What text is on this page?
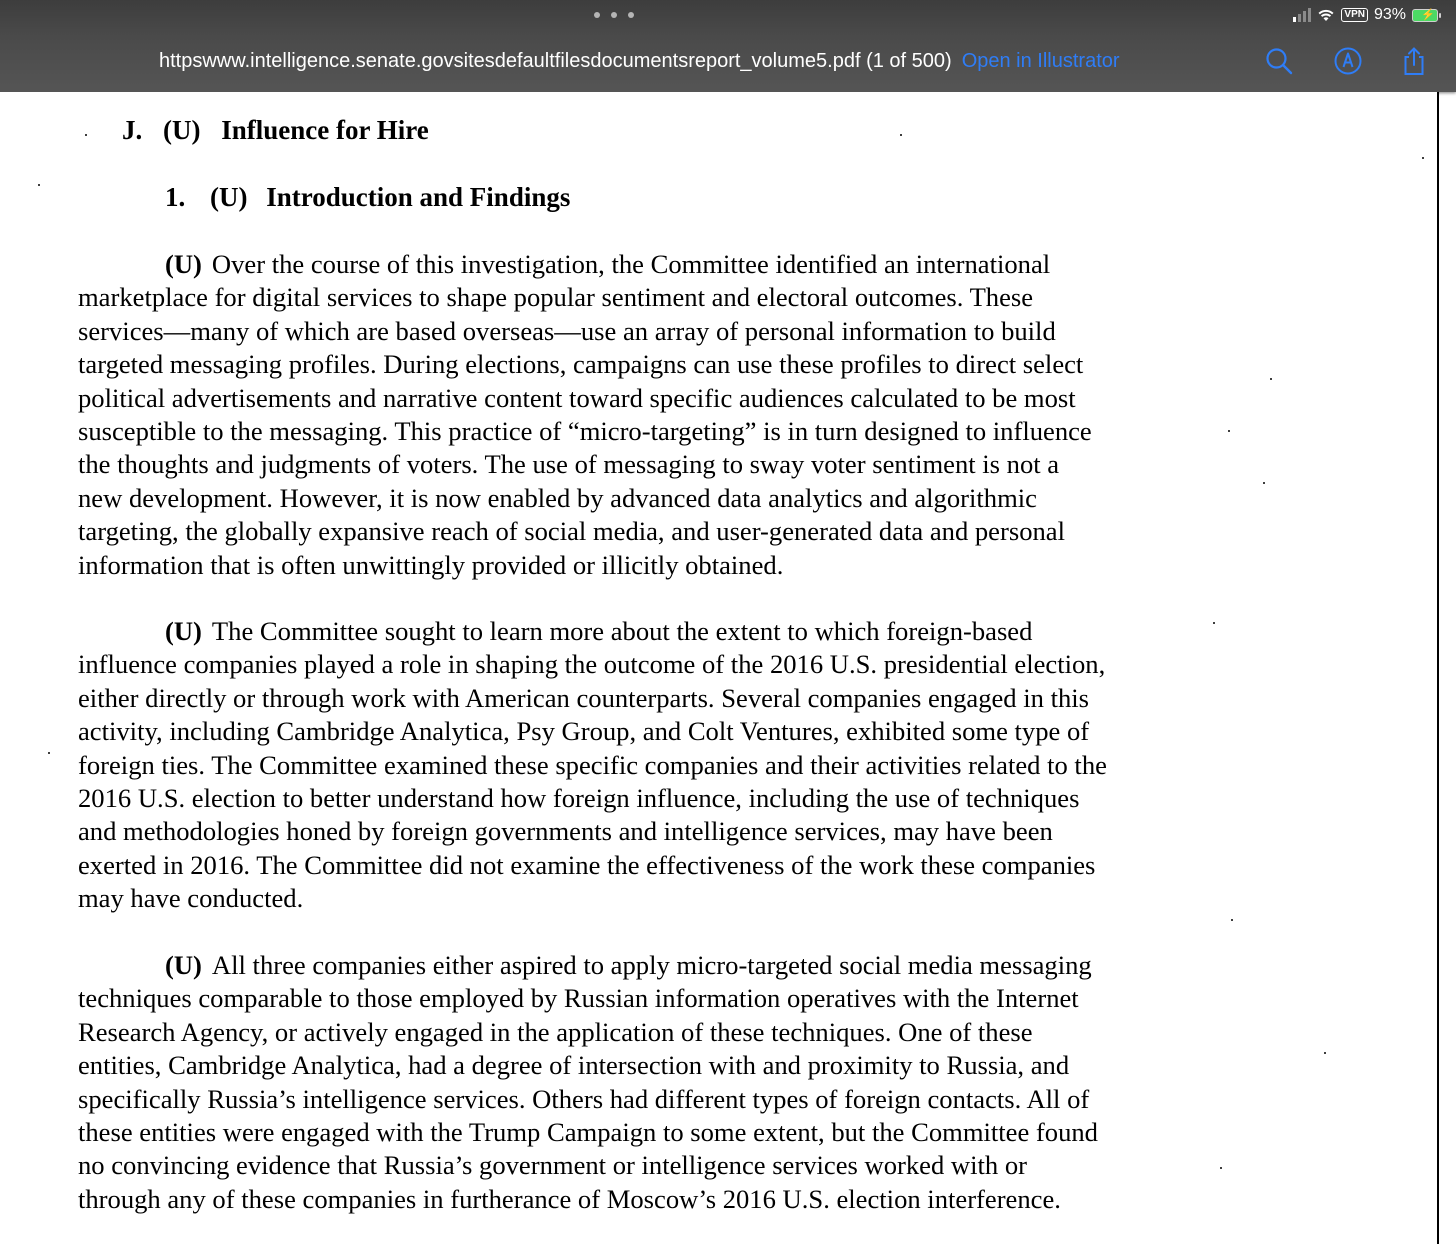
VPN 93% ⚡
httpswww.intelligence.senate.govsitesdefaultfilesdocumentsreport_volume5.pdf (1 of 500) Open in Illustrator
J. (U) Influence for Hire
1. (U) Introduction and Findings
(U) Over the course of this investigation, the Committee identified an international
marketplace for digital services to shape popular sentiment and electoral outcomes. These
services—many of which are based overseas—use an array of personal information to build
targeted messaging profiles. During elections, campaigns can use these profiles to direct select
political advertisements and narrative content toward specific audiences calculated to be most
susceptible to the messaging. This practice of “micro-targeting” is in turn designed to influence
the thoughts and judgments of voters. The use of messaging to sway voter sentiment is not a
new development. However, it is now enabled by advanced data analytics and algorithmic
targeting, the globally expansive reach of social media, and user-generated data and personal
information that is often unwittingly provided or illicitly obtained.
(U) The Committee sought to learn more about the extent to which foreign-based
influence companies played a role in shaping the outcome of the 2016 U.S. presidential election,
either directly or through work with American counterparts. Several companies engaged in this
activity, including Cambridge Analytica, Psy Group, and Colt Ventures, exhibited some type of
foreign ties. The Committee examined these specific companies and their activities related to the
2016 U.S. election to better understand how foreign influence, including the use of techniques
and methodologies honed by foreign governments and intelligence services, may have been
exerted in 2016. The Committee did not examine the effectiveness of the work these companies
may have conducted.
(U) All three companies either aspired to apply micro-targeted social media messaging
techniques comparable to those employed by Russian information operatives with the Internet
Research Agency, or actively engaged in the application of these techniques. One of these
entities, Cambridge Analytica, had a degree of intersection with and proximity to Russia, and
specifically Russia’s intelligence services. Others had different types of foreign contacts. All of
these entities were engaged with the Trump Campaign to some extent, but the Committee found
no convincing evidence that Russia’s government or intelligence services worked with or
through any of these companies in furtherance of Moscow’s 2016 U.S. election interference.
